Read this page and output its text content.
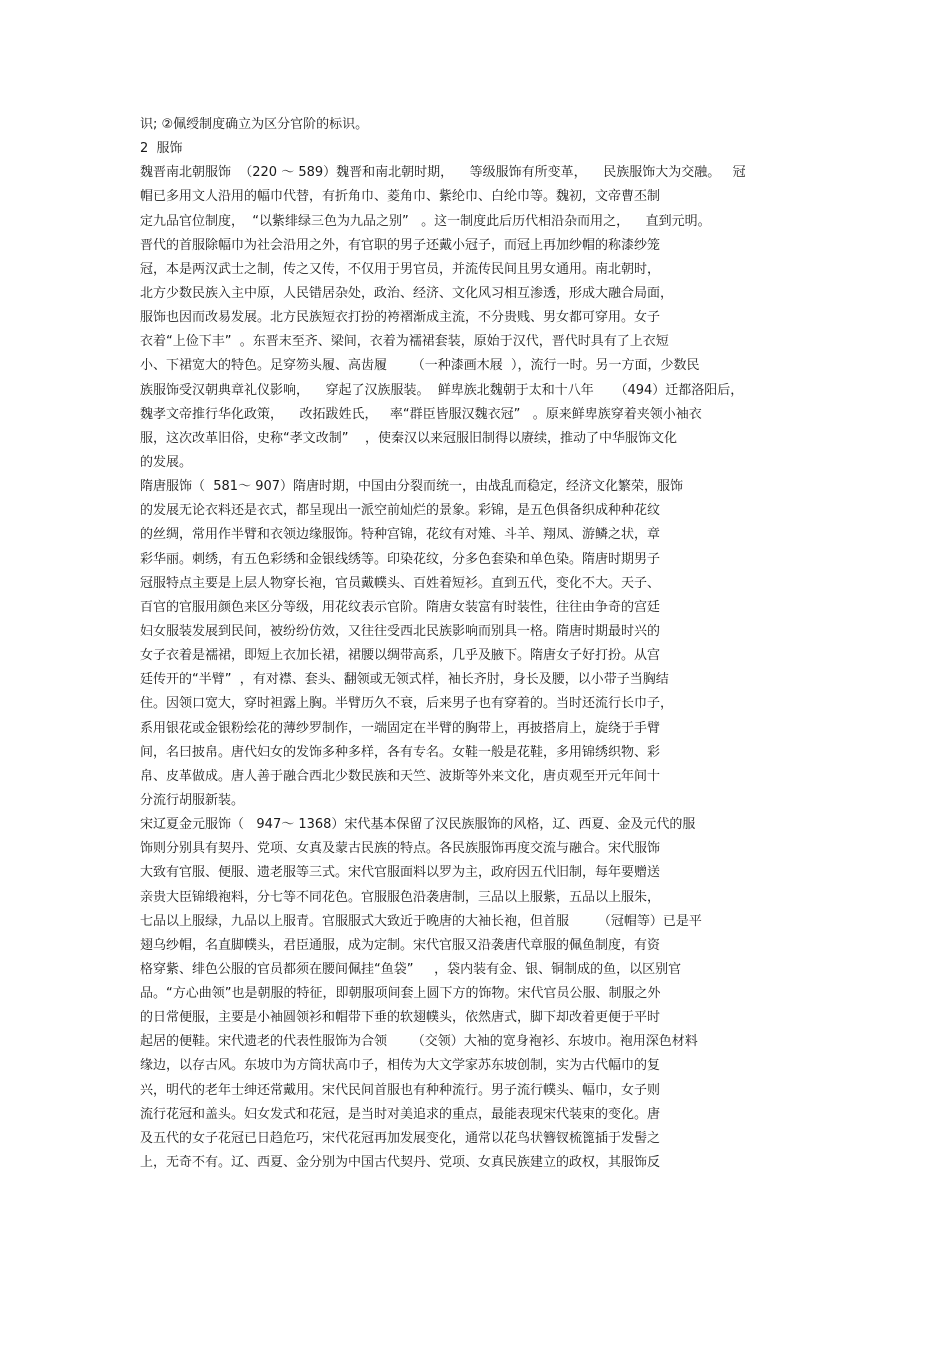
识; ②佩绶制度确立为区分官阶的标识。
2  服饰
魏晋南北朝服饰  （220 ～ 589）魏晋和南北朝时期，    等级服饰有所变革，    民族服饰大为交融。   冠
帽已多用文人沿用的幅巾代替，有折角巾、菱角巾、紫纶巾、白纶巾等。魏初，文帝曹丕制
定九品官位制度，  “以紫绯绿三色为九品之别”   。这一制度此后历代相沿杂而用之，    直到元明。
晋代的首服除幅巾为社会沿用之外，有官职的男子还戴小冠子，而冠上再加纱帽的称漆纱笼
冠，本是两汉武士之制，传之又传，不仅用于男官员，并流传民间且男女通用。南北朝时，
北方少数民族入主中原，人民错居杂处，政治、经济、文化风习相互渗透，形成大融合局面，
服饰也因而改易发展。北方民族短衣打扮的袴褶渐成主流，不分贵贱、男女都可穿用。女子
衣着“上俭下丰”  。东晋末至齐、梁间，衣着为襦裙套装，原始于汉代，晋代时具有了上衣短
小、下裙宽大的特色。足穿笏头履、高齿履      （一种漆画木屐  ），流行一时。另一方面，少数民
族服饰受汉朝典章礼仪影响，    穿起了汉族服装。  鲜卑族北魏朝于太和十八年     （494）迁都洛阳后，
魏孝文帝推行华化政策，    改拓跋姓氏，   率“群臣皆服汉魏衣冠”   。原来鲜卑族穿着夹领小袖衣
服，这次改革旧俗，史称“孝文改制”    ，使秦汉以来冠服旧制得以赓续，推动了中华服饰文化
的发展。
隋唐服饰（  581～ 907）隋唐时期，中国由分裂而统一，由战乱而稳定，经济文化繁荣，服饰
的发展无论衣料还是衣式，都呈现出一派空前灿烂的景象。彩锦，是五色俱备织成种种花纹
的丝绸，常用作半臂和衣领边缘服饰。特种宫锦，花纹有对雉、斗羊、翔凤、游鳞之状，章
彩华丽。刺绣，有五色彩绣和金银线绣等。印染花纹，分多色套染和单色染。隋唐时期男子
冠服特点主要是上层人物穿长袍，官员戴幞头、百姓着短衫。直到五代，变化不大。天子、
百官的官服用颜色来区分等级，用花纹表示官阶。隋唐女装富有时装性，往往由争奇的宫廷
妇女服装发展到民间，被纷纷仿效，又往往受西北民族影响而别具一格。隋唐时期最时兴的
女子衣着是襦裙，即短上衣加长裙，裙腰以绸带高系，几乎及腋下。隋唐女子好打扮。从宫
廷传开的“半臂”  ，有对襟、套头、翻领或无领式样，袖长齐肘，身长及腰，以小带子当胸结
住。因领口宽大，穿时袒露上胸。半臂历久不衰，后来男子也有穿着的。当时还流行长巾子，
系用银花或金银粉绘花的薄纱罗制作，一端固定在半臂的胸带上，再披搭肩上，旋绕于手臂
间，名曰披帛。唐代妇女的发饰多种多样，各有专名。女鞋一般是花鞋，多用锦绣织物、彩
帛、皮革做成。唐人善于融合西北少数民族和天竺、波斯等外来文化，唐贞观至开元年间十
分流行胡服新装。
宋辽夏金元服饰（   947～ 1368）宋代基本保留了汉民族服饰的风格，辽、西夏、金及元代的服
饰则分别具有契丹、党项、女真及蒙古民族的特点。各民族服饰再度交流与融合。宋代服饰
大致有官服、便服、遗老服等三式。宋代官服面料以罗为主，政府因五代旧制，每年要赠送
亲贵大臣锦缎袍料，分七等不同花色。官服服色沿袭唐制，三品以上服紫，五品以上服朱，
七品以上服绿，九品以上服青。官服服式大致近于晚唐的大袖长袍，但首服       （冠帽等）已是平
翅乌纱帽，名直脚幞头，君臣通服，成为定制。宋代官服又沿袭唐代章服的佩鱼制度，有资
格穿紫、绯色公服的官员都须在腰间佩挂“鱼袋”     ，袋内装有金、银、铜制成的鱼，以区别官
品。“方心曲领”也是朝服的特征，即朝服项间套上圆下方的饰物。宋代官员公服、制服之外
的日常便服，主要是小袖圆领衫和帽带下垂的软翅幞头，依然唐式，脚下却改着更便于平时
起居的便鞋。宋代遗老的代表性服饰为合领      （交领）大袖的宽身袍衫、东坡巾。袍用深色材料
缘边，以存古风。东坡巾为方筒状高巾子，相传为大文学家苏东坡创制，实为古代幅巾的复
兴，明代的老年士绅还常戴用。宋代民间首服也有种种流行。男子流行幞头、幅巾，女子则
流行花冠和盖头。妇女发式和花冠，是当时对美追求的重点，最能表现宋代装束的变化。唐
及五代的女子花冠已日趋危巧，宋代花冠再加发展变化，通常以花鸟状簪钗梳篦插于发髻之
上，无奇不有。辽、西夏、金分别为中国古代契丹、党项、女真民族建立的政权，其服饰反
